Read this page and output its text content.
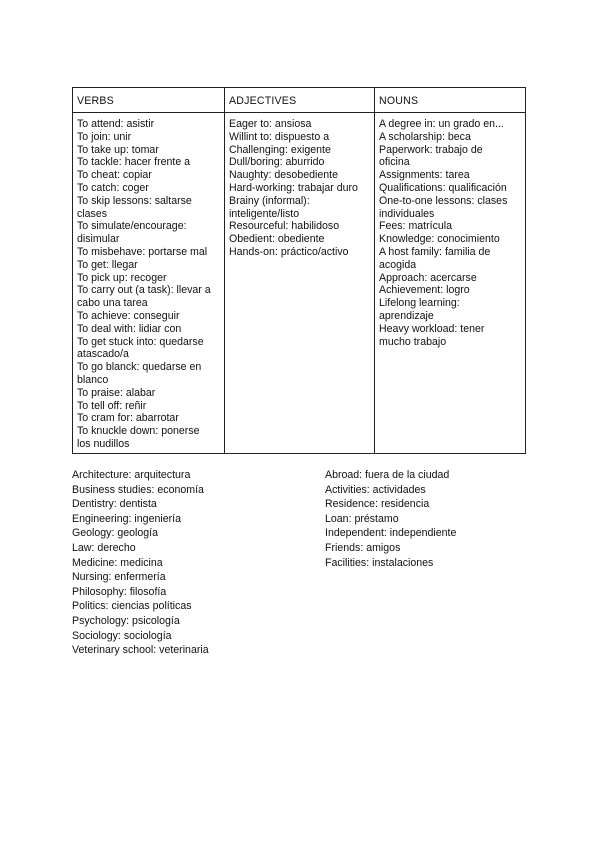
VERBS	ADJECTIVES	NOUNS
To attend: asistir
To join: unir
To take up: tomar
To tackle: hacer frente a
To cheat: copiar
To catch: coger
To skip lessons: saltarse
clases
To simulate/encourage:
disimular
To misbehave: portarse mal
To get: llegar
To pick up: recoger
To carry out (a task): llevar a
cabo una tarea
To achieve: conseguir
To deal with: lidiar con
To get stuck into: quedarse
atascado/a
To go blanck: quedarse en
blanco
To praise: alabar
To tell off: reñir
To cram for: abarrotar
To knuckle down: ponerse
los nudillos
Eager to: ansiosa
Willint to: dispuesto a
Challenging: exigente
Dull/boring: aburrido
Naughty: desobediente
Hard-working: trabajar duro
Brainy (informal):
inteligente/listo
Resourceful: habilidoso
Obedient: obediente
Hands-on: práctico/activo
A degree in: un grado en...
A scholarship: beca
Paperwork: trabajo de
oficina
Assignments: tarea
Qualifications: qualificación
One-to-one lessons: clases
individuales
Fees: matrícula
Knowledge: conocimiento
A host family: familia de
acogida
Approach: acercarse
Achievement: logro
Lifelong learning:
aprendizaje
Heavy workload: tener
mucho trabajo
Architecture: arquitectura
Business studies: economía
Dentistry: dentista
Engineering: ingeniería
Geology: geología
Law: derecho
Medicine: medicina
Nursing: enfermería
Philosophy: filosofía
Politics: ciencias políticas
Psychology: psicología
Sociology: sociología
Veterinary school: veterinaria
Abroad: fuera de la ciudad
Activities: actividades
Residence: residencia
Loan: préstamo
Independent: independiente
Friends: amigos
Facilities: instalaciones
